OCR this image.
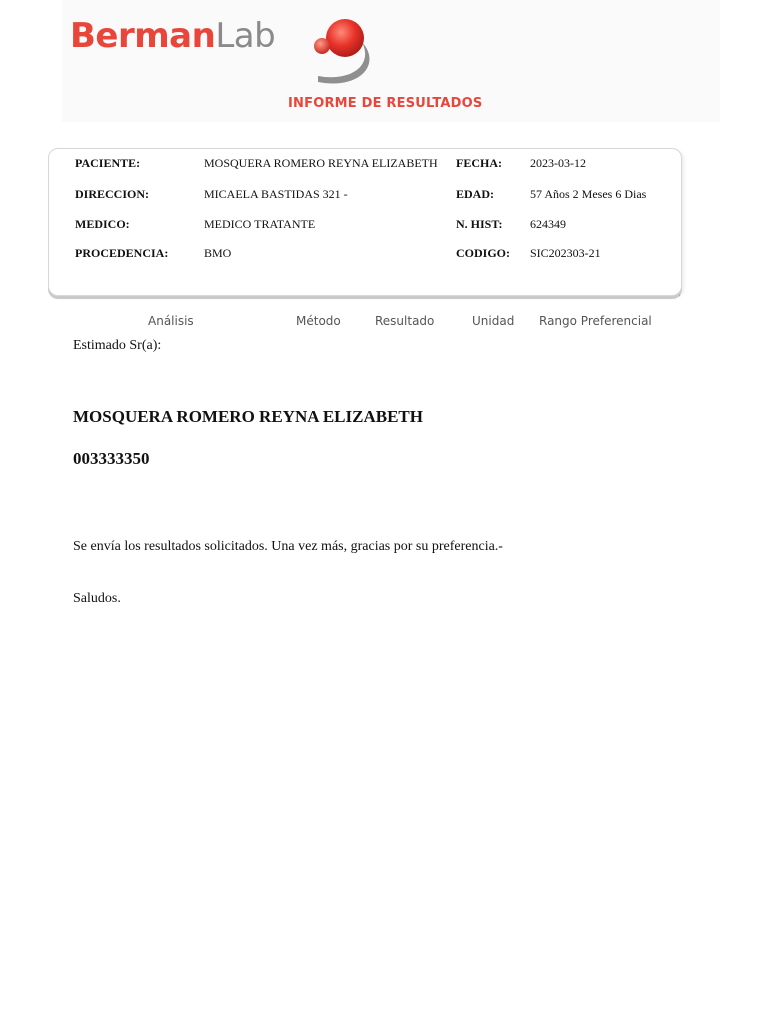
BermanLab
INFORME DE RESULTADOS
PACIENTE:	MOSQUERA ROMERO REYNA ELIZABETH FECHA: 2023-03-12
DIRECCION:	MICAELA BASTIDAS 321 -	EDAD:	57 Años 2 Meses 6 Dias
MEDICO:	MEDICO TRATANTE	N. HIST: 624349
PROCEDENCIA:	BMO	CODIGO: SIC202303-21
′
Análisis	Método	Resultado	Unidad Rango Preferencial
Estimado Sr(a):
MOSQUERA ROMERO REYNA ELIZABETH
003333350
Se envía los resultados solicitados. Una vez más, gracias por su preferencia.-
Saludos.
